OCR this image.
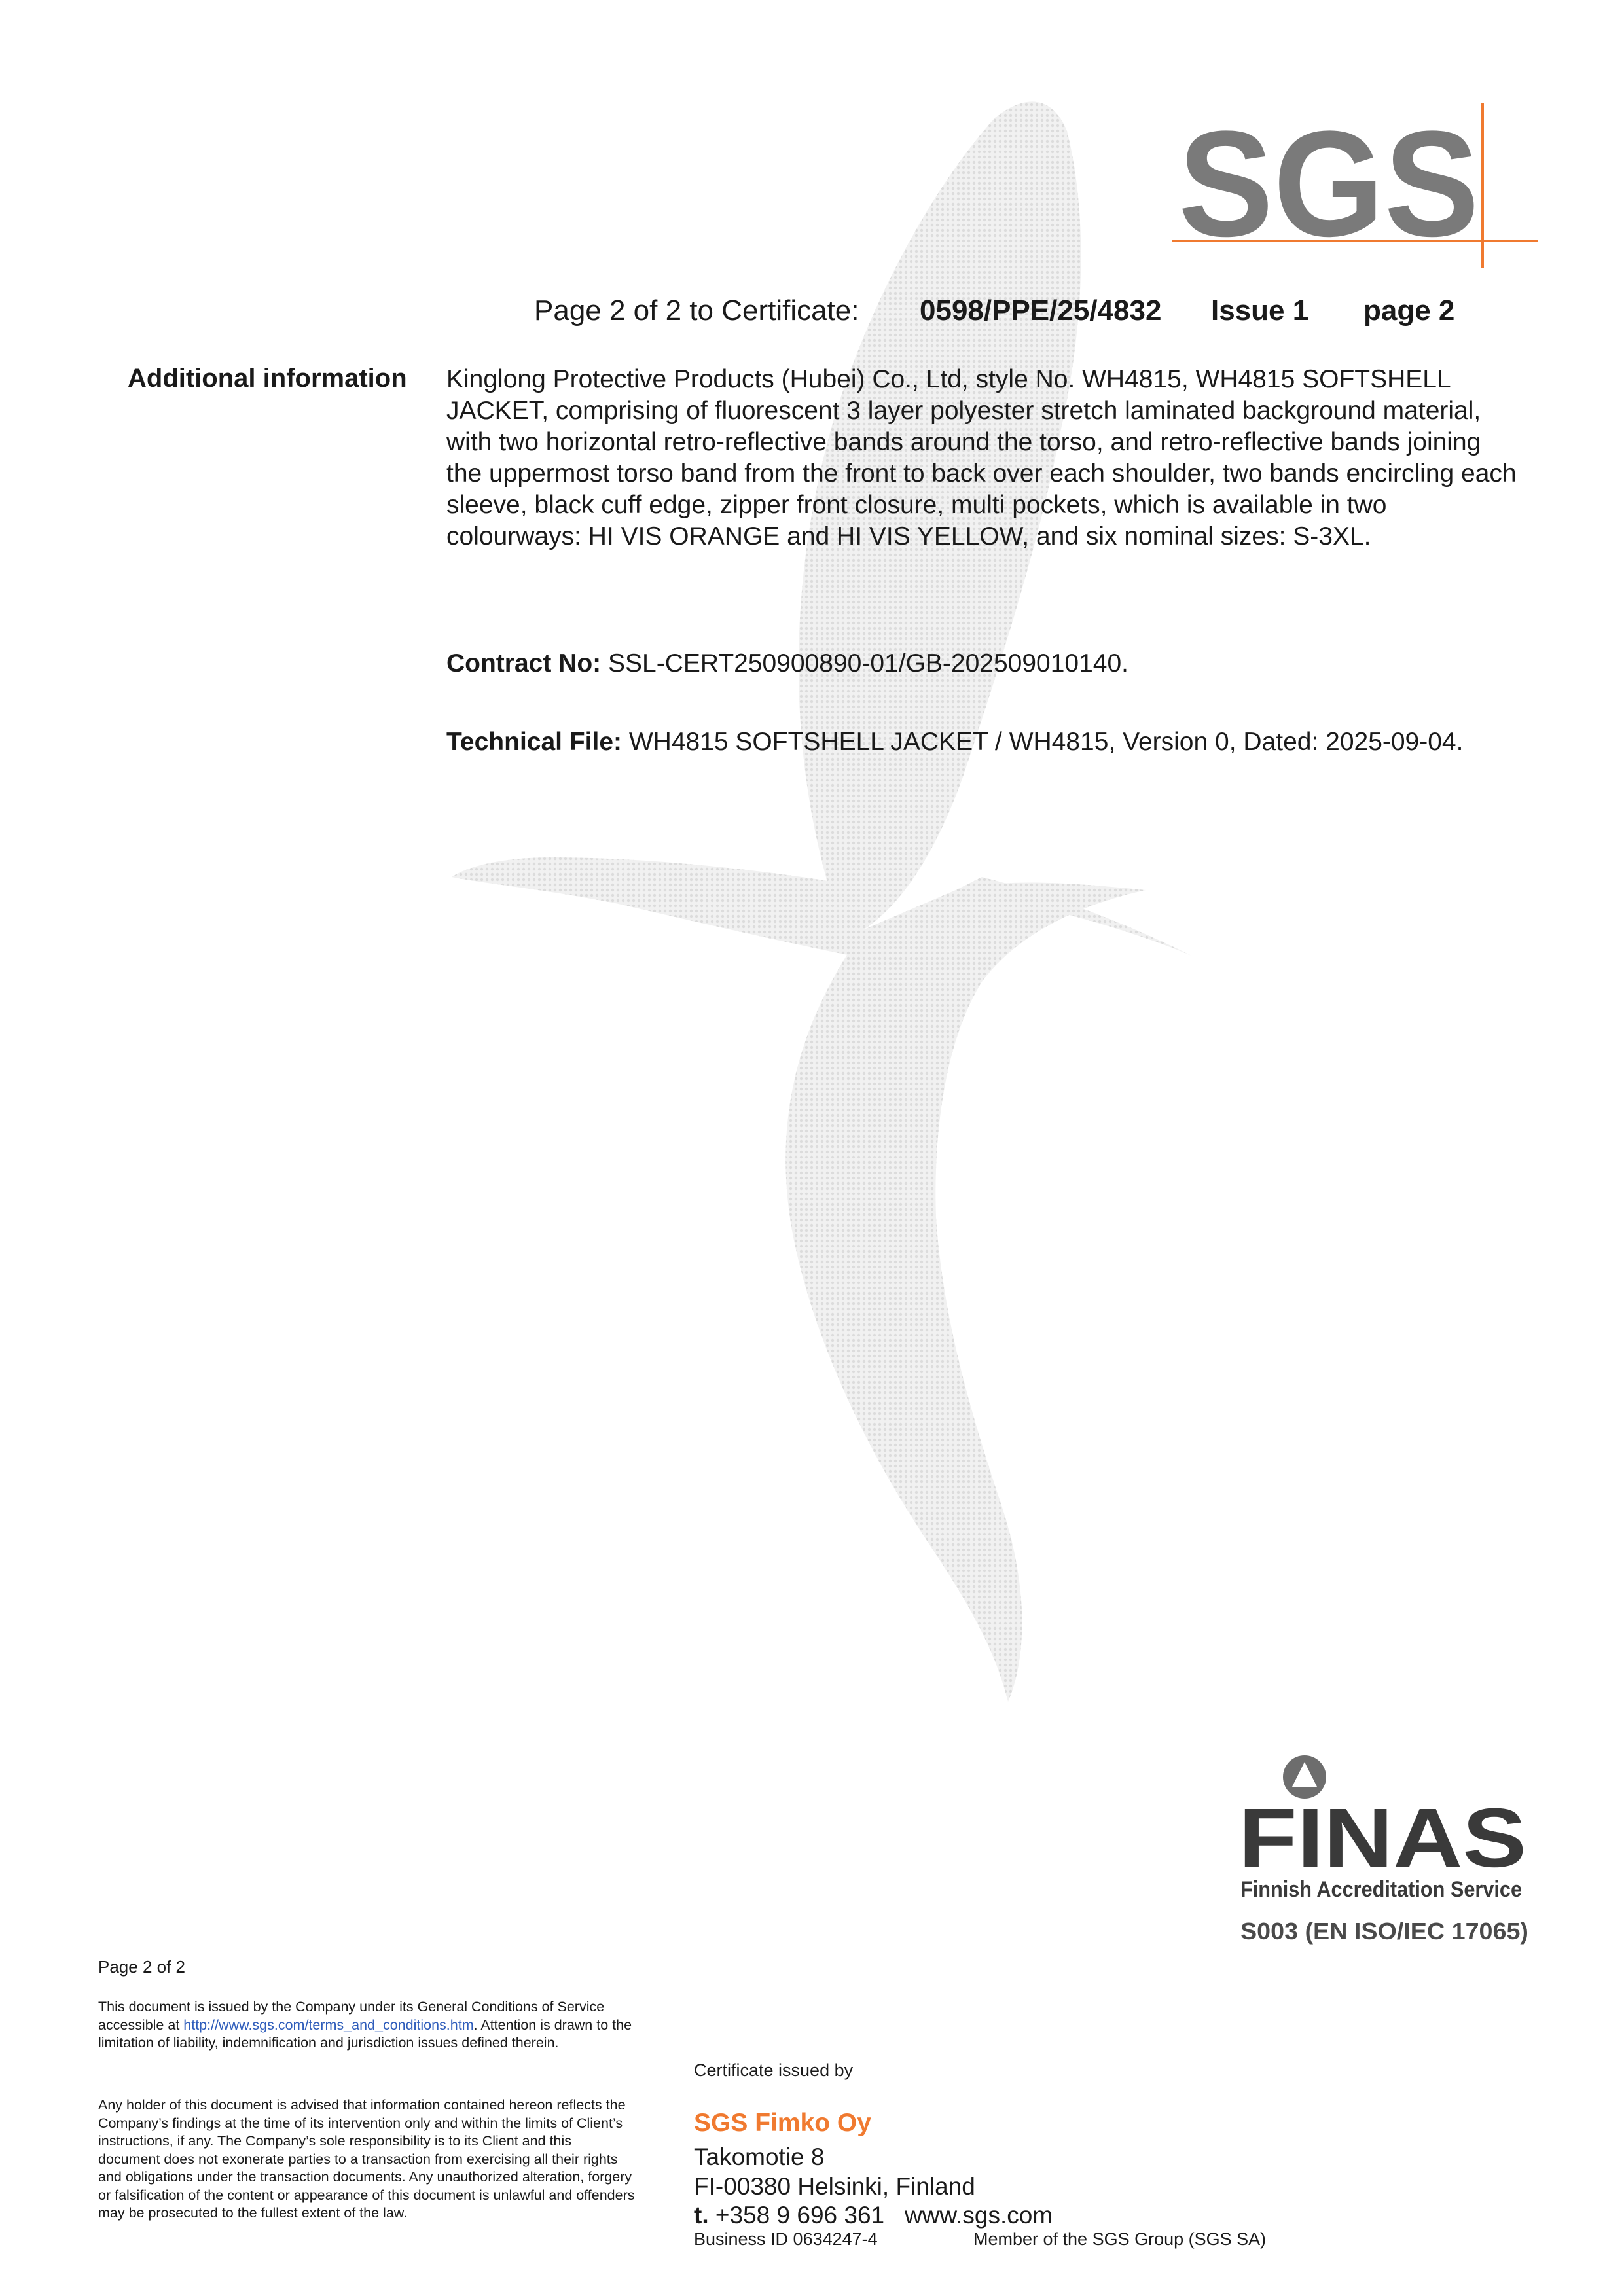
SGS
Page 2 of 2 to Certificate: 0598/PPE/25/4832 Issue 1 page 2
Additional information Kinglong Protective Products (Hubei) Co., Ltd, style No. WH4815, WH4815 SOFTSHELL JACKET, comprising of fluorescent 3 layer polyester stretch laminated background material, with two horizontal retro-reflective bands around the torso, and retro-reflective bands joining the uppermost torso band from the front to back over each shoulder, two bands encircling each sleeve, black cuff edge, zipper front closure, multi pockets, which is available in two colourways: HI VIS ORANGE and HI VIS YELLOW, and six nominal sizes: S-3XL.
Contract No: SSL-CERT250900890-01/GB-202509010140.
Technical File: WH4815 SOFTSHELL JACKET / WH4815, Version 0, Dated: 2025-09-04.
FINAS
Finnish Accreditation Service
S003 (EN ISO/IEC 17065)
Page 2 of 2
This document is issued by the Company under its General Conditions of Service accessible at http://www.sgs.com/terms_and_conditions.htm. Attention is drawn to the limitation of liability, indemnification and jurisdiction issues defined therein.
Any holder of this document is advised that information contained hereon reflects the Company’s findings at the time of its intervention only and within the limits of Client’s instructions, if any. The Company’s sole responsibility is to its Client and this document does not exonerate parties to a transaction from exercising all their rights and obligations under the transaction documents. Any unauthorized alteration, forgery or falsification of the content or appearance of this document is unlawful and offenders may be prosecuted to the fullest extent of the law.
Certificate issued by
SGS Fimko Oy
Takomotie 8
FI-00380 Helsinki, Finland
t. +358 9 696 361 www.sgs.com
Business ID 0634247-4	Member of the SGS Group (SGS SA)
